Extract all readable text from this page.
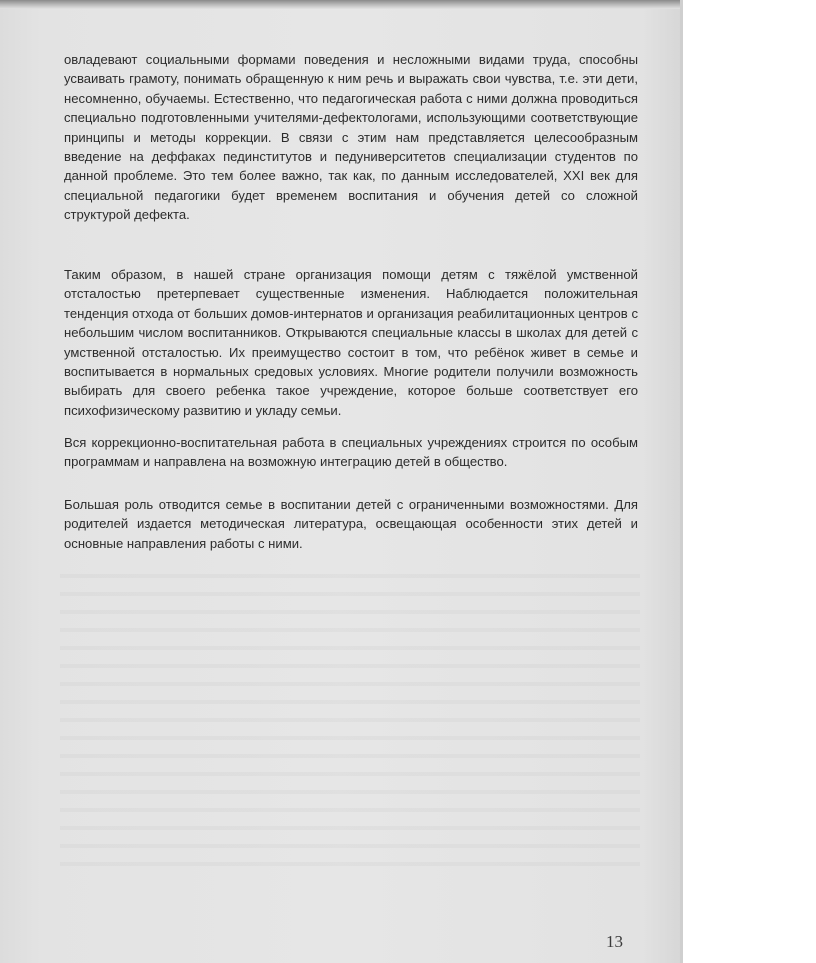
овладевают социальными формами поведения и несложными видами труда, способны усваивать грамоту, понимать обращенную к ним речь и выражать свои чувства, т.е. эти дети, несомненно, обучаемы. Естественно, что педагогическая работа с ними должна проводиться специально подготовленными учителями-дефектологами, использующими соответствующие принципы и методы коррекции. В связи с этим нам представляется целесообразным введение на деффаках пединститутов и педуниверситетов специализации студентов по данной проблеме. Это тем более важно, так как, по данным исследователей, XXI век для специальной педагогики будет временем воспитания и обучения детей со сложной структурой дефекта.

Таким образом, в нашей стране организация помощи детям с тяжёлой умственной отсталостью претерпевает существенные изменения. Наблюдается положительная тенденция отхода от больших домов-интернатов и организация реабилитационных центров с небольшим числом воспитанников. Открываются специальные классы в школах для детей с умственной отсталостью. Их преимущество состоит в том, что ребёнок живет в семье и воспитывается в нормальных средовых условиях. Многие родители получили возможность выбирать для своего ребенка такое учреждение, которое больше соответствует его психофизическому развитию и укладу семьи.

Вся коррекционно-воспитательная работа в специальных учреждениях строится по особым программам и направлена на возможную интеграцию детей в общество.

Большая роль отводится семье в воспитании детей с ограниченными возможностями. Для родителей издается методическая литература, освещающая особенности этих детей и основные направления работы с ними.

13
